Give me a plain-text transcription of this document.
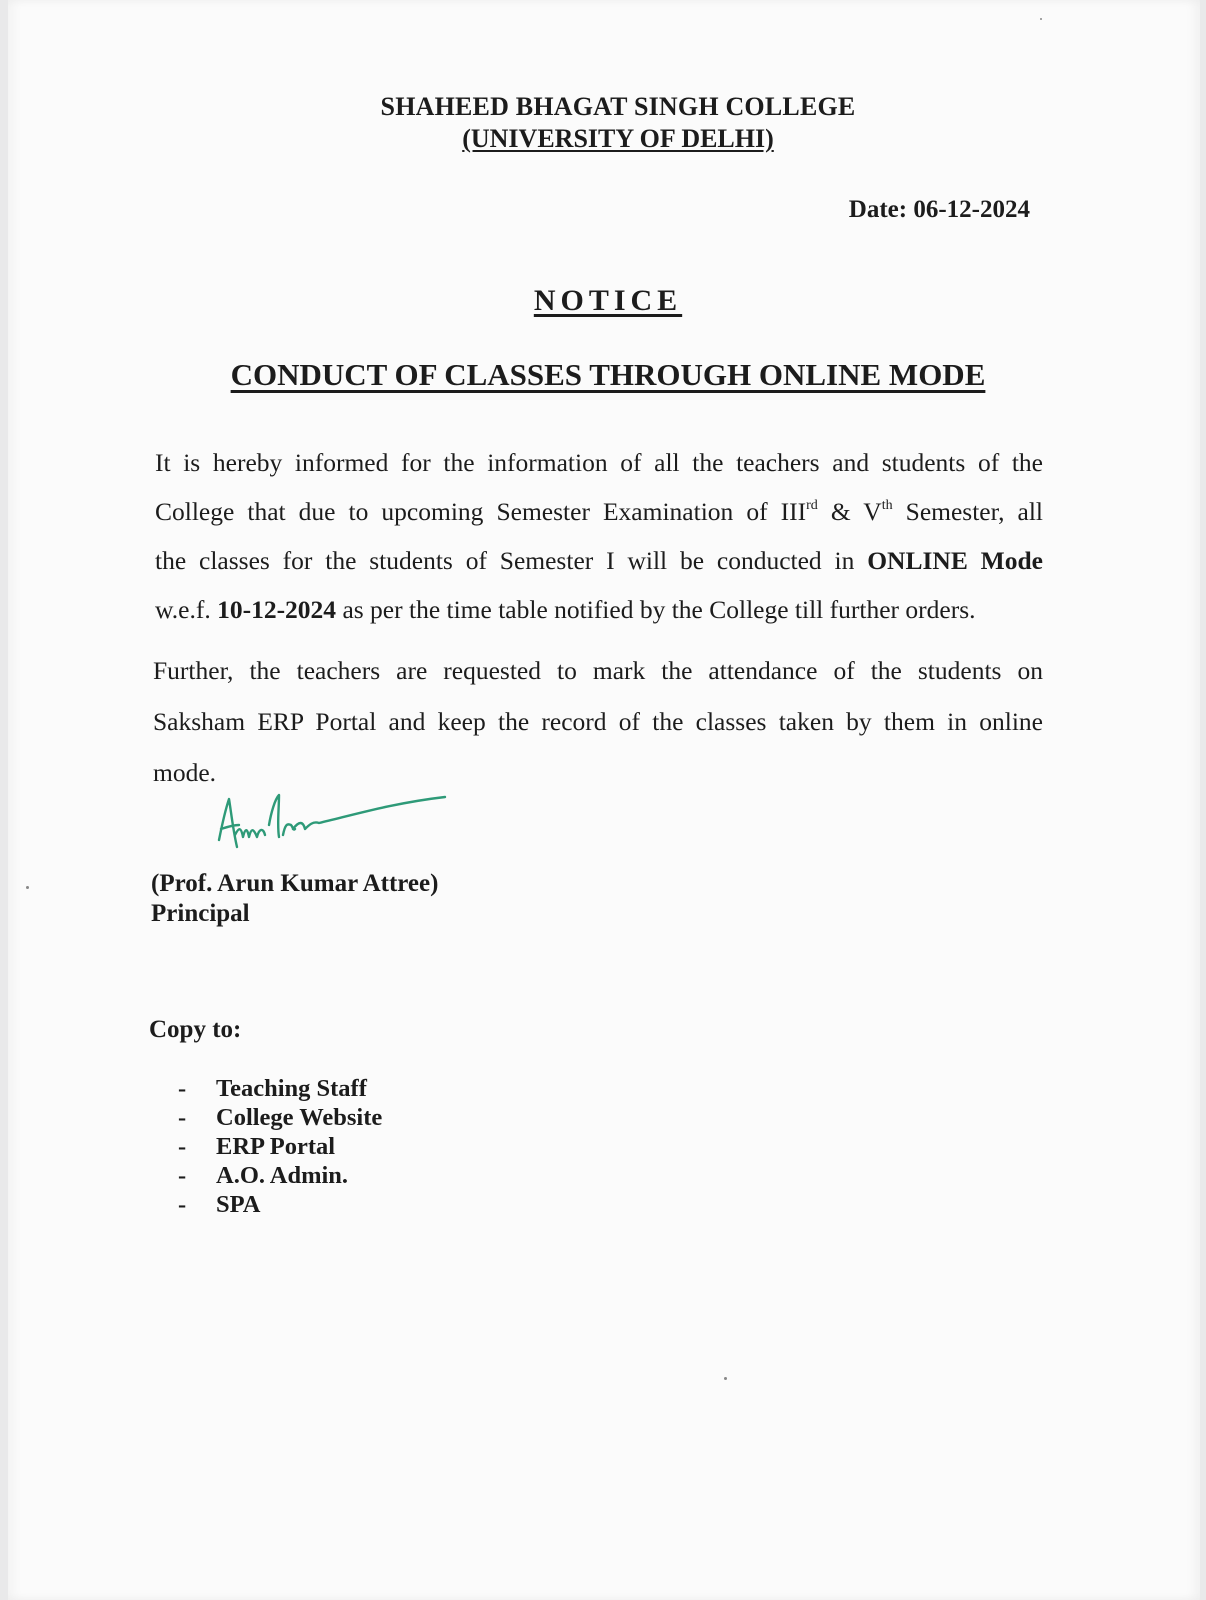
SHAHEED BHAGAT SINGH COLLEGE
(UNIVERSITY OF DELHI)
Date: 06-12-2024
NOTICE
CONDUCT OF CLASSES THROUGH ONLINE MODE
It is hereby informed for the information of all the teachers and students of the
College that due to upcoming Semester Examination of IIIrd & Vth Semester, all
the classes for the students of Semester I will be conducted in ONLINE Mode
w.e.f. 10-12-2024 as per the time table notified by the College till further orders.
Further, the teachers are requested to mark the attendance of the students on
Saksham ERP Portal and keep the record of the classes taken by them in online
mode.
(Prof. Arun Kumar Attree)
Principal
Copy to:
- Teaching Staff
- College Website
- ERP Portal
- A.O. Admin.
- SPA
